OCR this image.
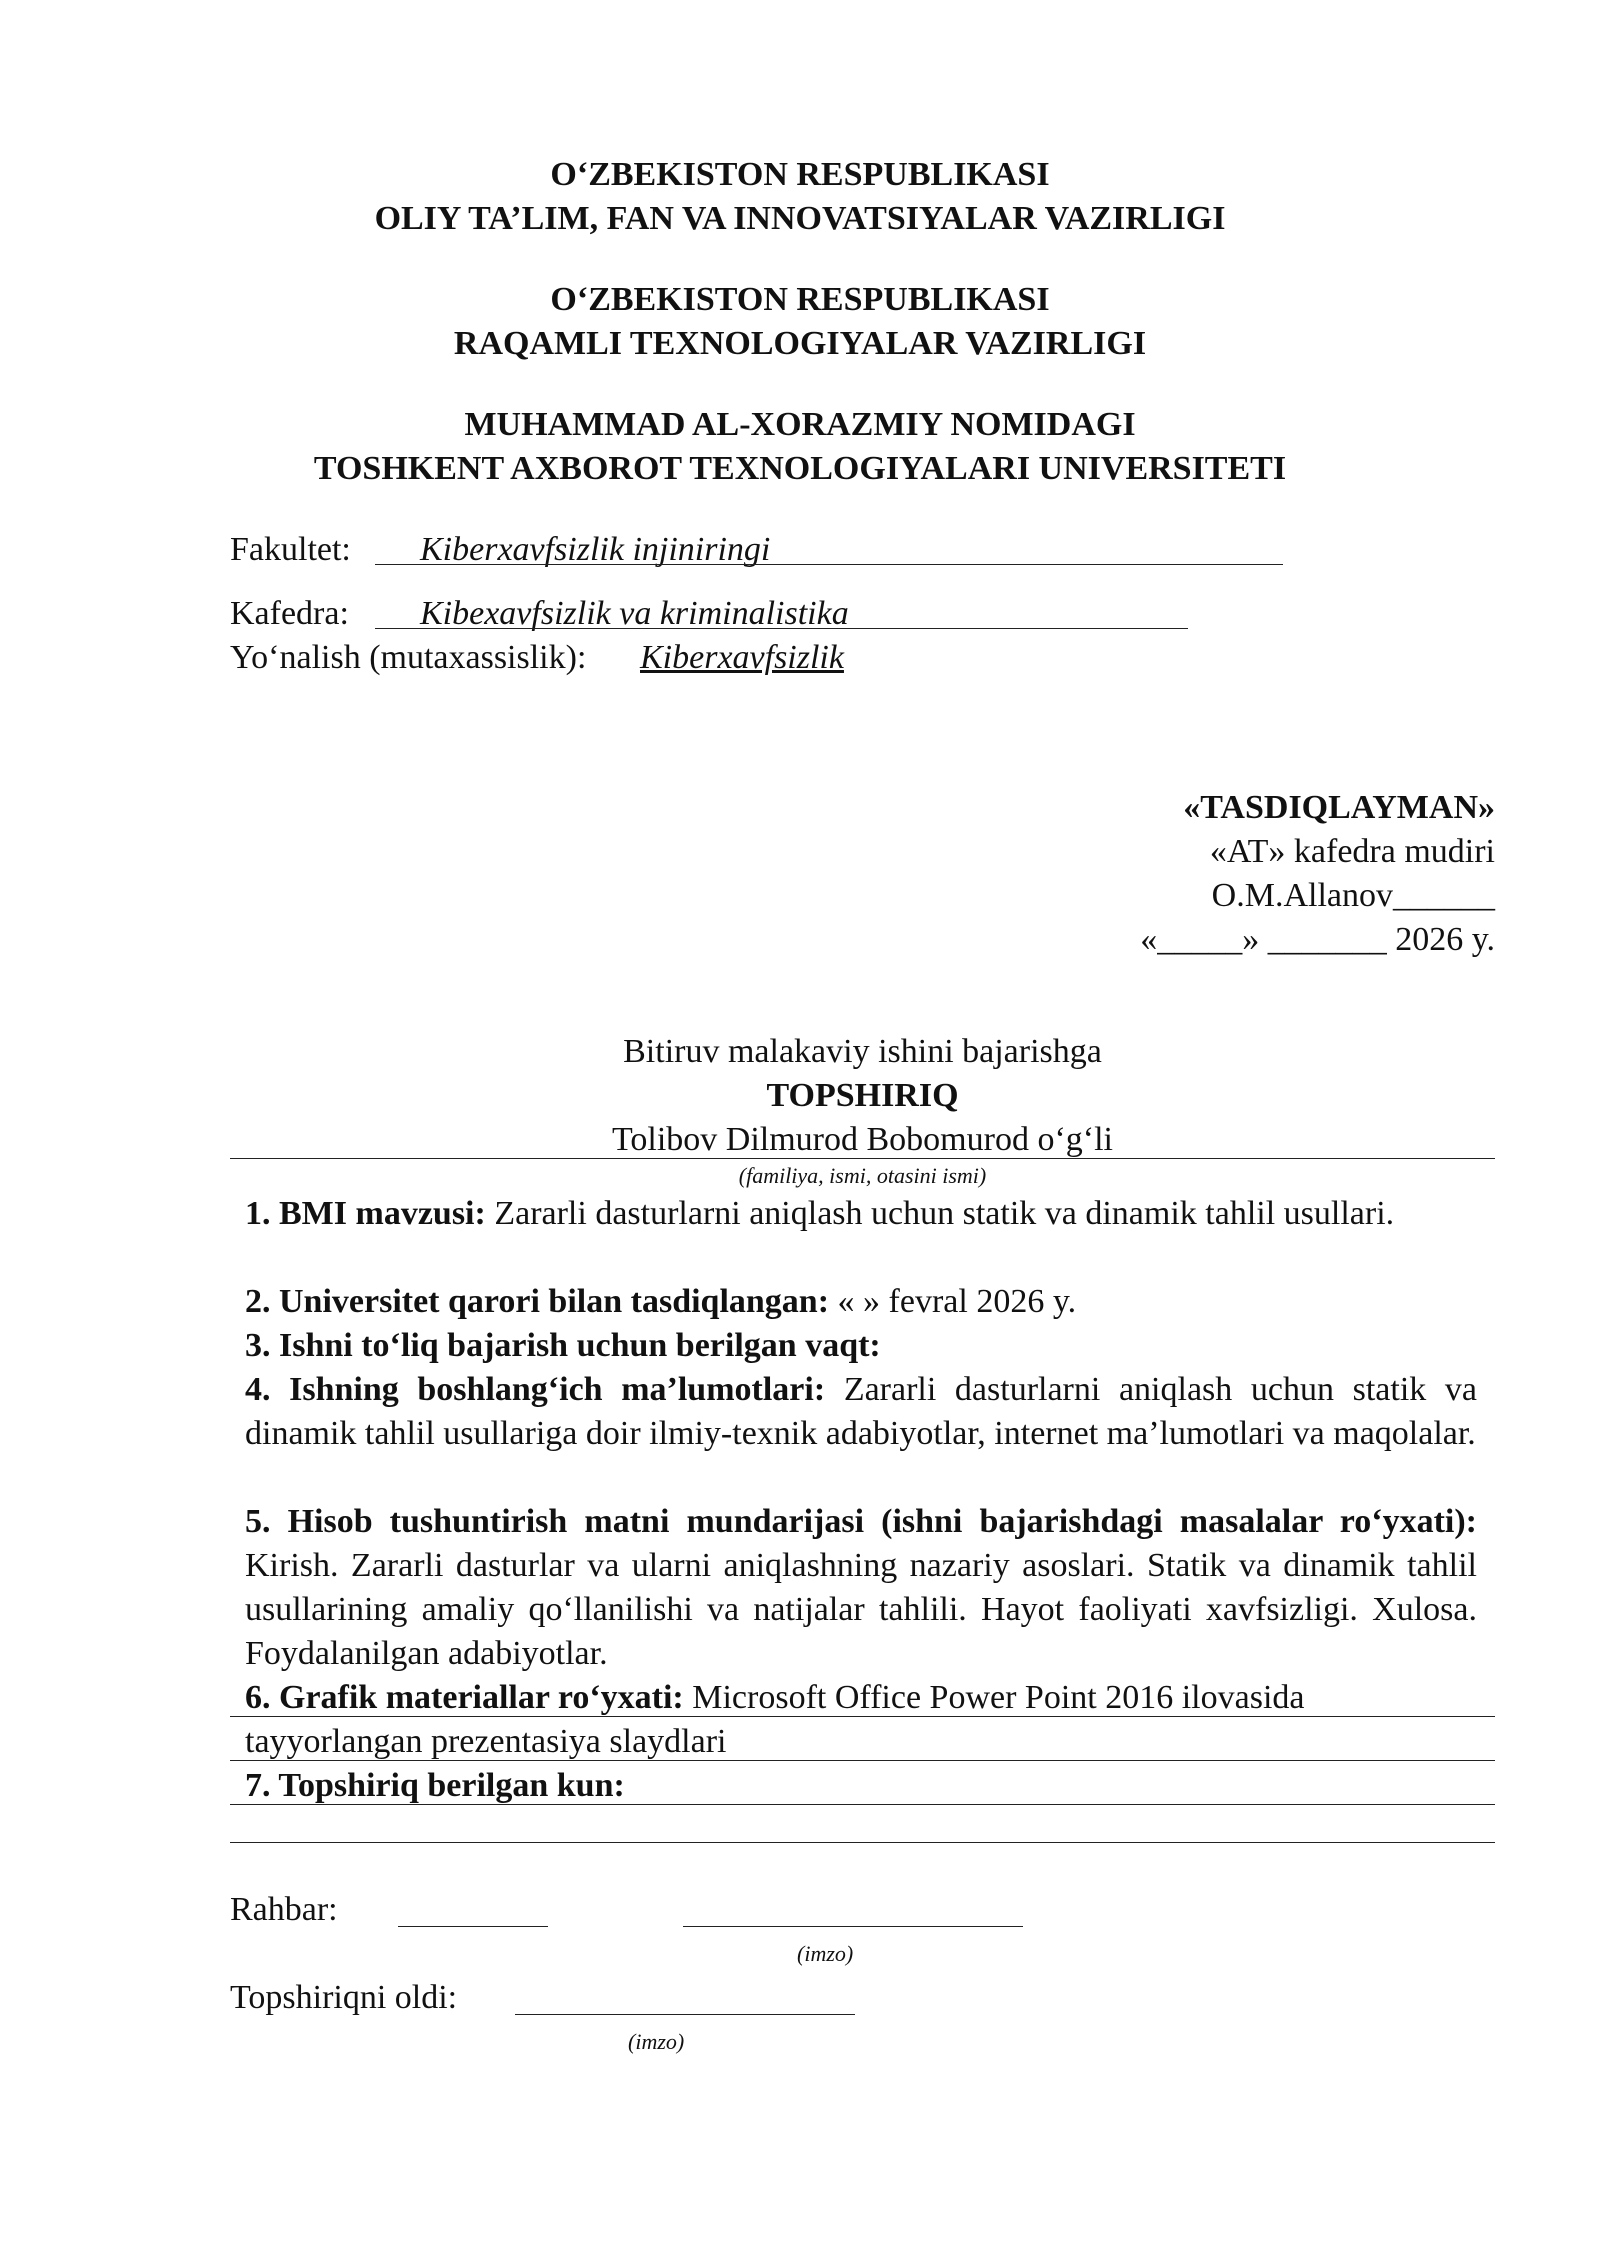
O‘ZBEKISTON RESPUBLIKASI
OLIY TA’LIM, FAN VA INNOVATSIYALAR VAZIRLIGI
O‘ZBEKISTON RESPUBLIKASI
RAQAMLI TEXNOLOGIYALAR VAZIRLIGI
MUHAMMAD AL-XORAZMIY NOMIDAGI
TOSHKENT AXBOROT TEXNOLOGIYALARI UNIVERSITETI
Fakultet: Kiberxavfsizlik injiniringi
Kafedra: Kibexavfsizlik va kriminalistika
Yo‘nalish (mutaxassislik): Kiberxavfsizlik
«TASDIQLAYMAN»
«AT» kafedra mudiri
O.M.Allanov______
«_____» _______ 2026 y.
Bitiruv malakaviy ishini bajarishga
TOPSHIRIQ
Tolibov Dilmurod Bobomurod o‘g‘li
(familiya, ismi, otasini ismi)
1. BMI mavzusi: Zararli dasturlarni aniqlash uchun statik va dinamik tahlil usullari.
2. Universitet qarori bilan tasdiqlangan: « » fevral 2026 y.
3. Ishni to‘liq bajarish uchun berilgan vaqt:
4. Ishning boshlang‘ich ma’lumotlari: Zararli dasturlarni aniqlash uchun statik va dinamik tahlil usullariga doir ilmiy-texnik adabiyotlar, internet ma’lumotlari va maqolalar.
5. Hisob tushuntirish matni mundarijasi (ishni bajarishdagi masalalar ro‘yxati): Kirish. Zararli dasturlar va ularni aniqlashning nazariy asoslari. Statik va dinamik tahlil usullarining amaliy qo‘llanilishi va natijalar tahlili. Hayot faoliyati xavfsizligi. Xulosa. Foydalanilgan adabiyotlar.
6. Grafik materiallar ro‘yxati: Microsoft Office Power Point 2016 ilovasida
tayyorlangan prezentasiya slaydlari
7. Topshiriq berilgan kun:
Rahbar:
(imzo)
Topshiriqni oldi:
(imzo)
